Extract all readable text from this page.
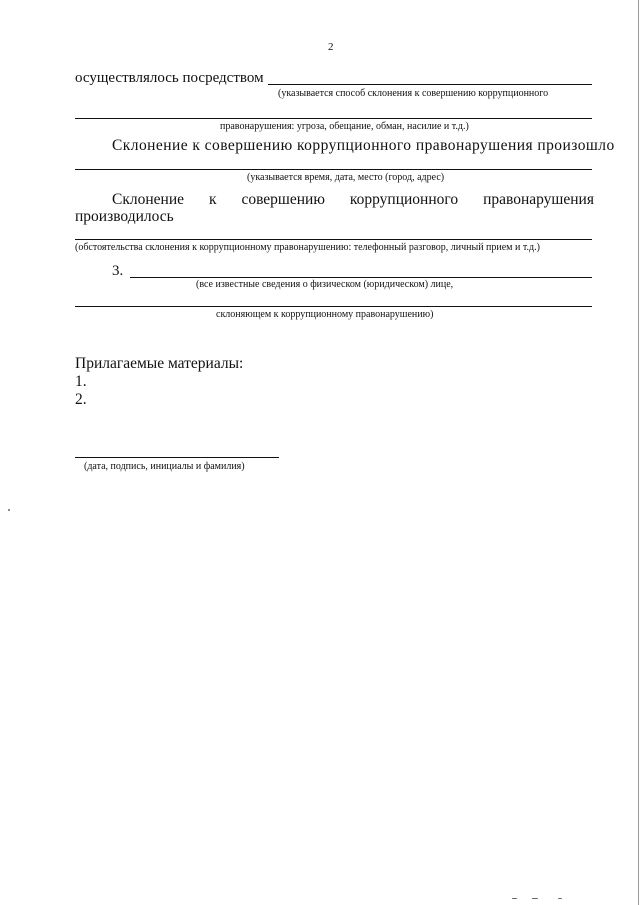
2
осуществлялось посредством
(указывается способ склонения к совершению коррупционного
правонарушения: угроза, обещание, обман, насилие и т.д.)
Склонение к совершению коррупционного правонарушения произошло
(указывается время, дата, место (город, адрес)
Склонение к совершению коррупционного правонарушения
производилось
(обстоятельства склонения к коррупционному правонарушению: телефонный разговор, личный прием и т.д.)
3.
(все известные сведения о физическом (юридическом) лице,
склоняющем к коррупционному правонарушению)
Прилагаемые материалы:
1.
2.
(дата, подпись, инициалы и фамилия)
